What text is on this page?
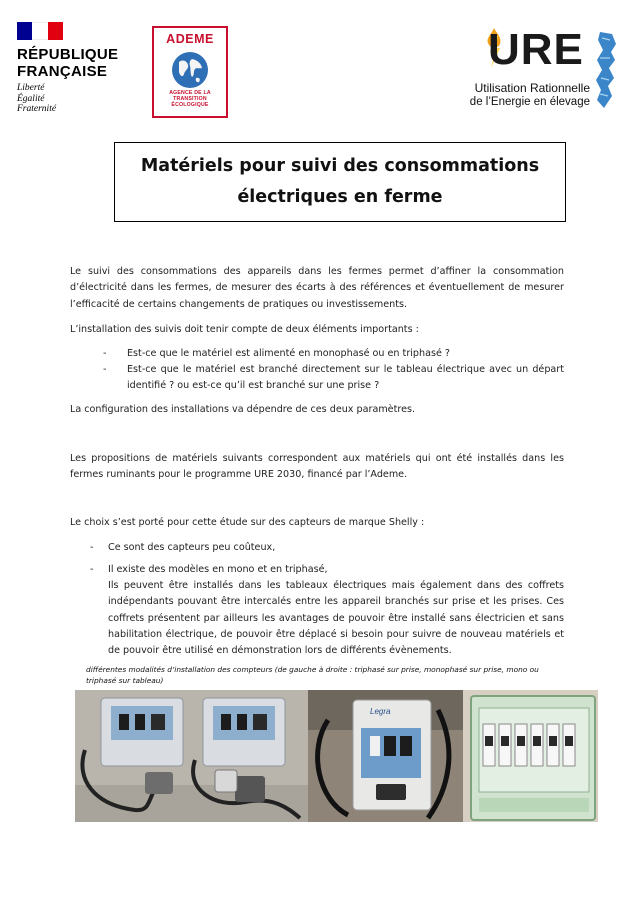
RÉPUBLIQUE
FRANÇAISE
Liberté
Égalité
Fraternité
ADEME
AGENCE DE LA
TRANSITION
ÉCOLOGIQUE
URE
Utilisation Rationnelle
de l’Energie en élevage
Matériels pour suivi des consommations
électriques en ferme
Le suivi des consommations des appareils dans les fermes permet d’affiner la consommation d’électricité dans les fermes, de mesurer des écarts à des références et éventuellement de mesurer l’efficacité de certains changements de pratiques ou investissements.
L’installation des suivis doit tenir compte de deux éléments importants :
- Est-ce que le matériel est alimenté en monophasé ou en triphasé ?
- Est-ce que le matériel est branché directement sur le tableau électrique avec un départ identifié ? ou est-ce qu’il est branché sur une prise ?
La configuration des installations va dépendre de ces deux paramètres.
Les propositions de matériels suivants correspondent aux matériels qui ont été installés dans les fermes ruminants pour le programme URE 2030, financé par l’Ademe.
Le choix s’est porté pour cette étude sur des capteurs de marque Shelly :
- Ce sont des capteurs peu coûteux,
- Il existe des modèles en mono et en triphasé,
Ils peuvent être installés dans les tableaux électriques mais également dans des coffrets indépendants pouvant être intercalés entre les appareil branchés sur prise et les prises. Ces coffrets présentent par ailleurs les avantages de pouvoir être installé sans électricien et sans habilitation électrique, de pouvoir être déplacé si besoin pour suivre de nouveau matériels et de pouvoir être utilisé en démonstration lors de différents évènements.
différentes modalités d’installation des compteurs (de gauche à droite : triphasé sur prise, monophasé sur prise, mono ou triphasé sur tableau)
Legra
